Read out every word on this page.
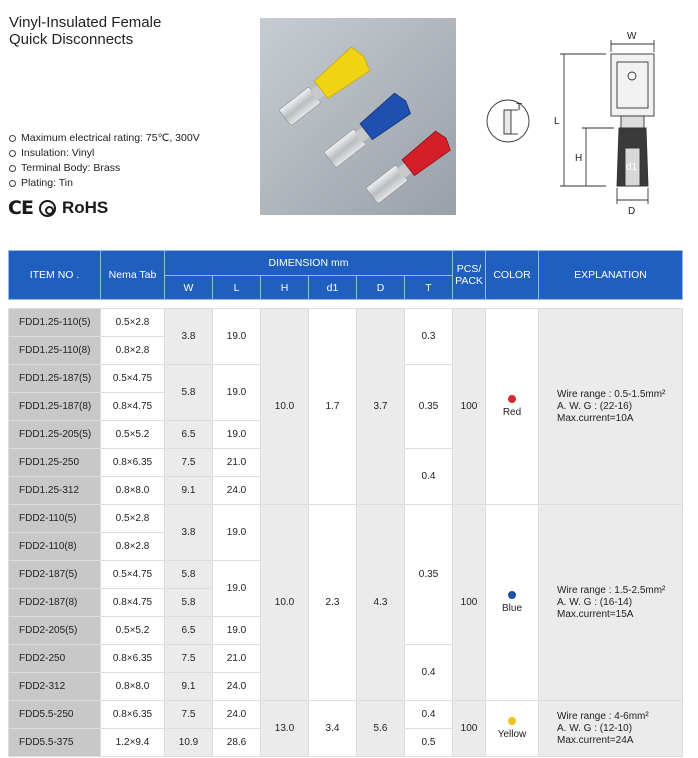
Vinyl-Insulated Female
Quick Disconnects
Maximum electrical rating: 75℃, 300V
Insulation: Vinyl
Terminal Body: Brass
Plating: Tin
CE RoHS
W
L
H
d1
D
T
ITEM NO .	Nema Tab	DIMENSION mm						PCS/ PACK	COLOR	EXPLANATION
		W	L	H	d1	D	T			

FDD1.25-110(5)	0.5×2.8	3.8	19.0	10.0	1.7	3.7	0.3	100	Red	Wire range : 0.5-1.5mm²
A. W. G : (22-16)
Max.current=10A

FDD1.25-110(8)	0.8×2.8									
FDD1.25-187(5)	0.5×4.75	5.8	19.0				0.35			
FDD1.25-187(8)	0.8×4.75									
FDD1.25-205(5)	0.5×5.2	6.5	19.0							
FDD1.25-250	0.8×6.35	7.5	21.0				0.4			
FDD1.25-312	0.8×8.0	9.1	24.0							
FDD2-110(5)	0.5×2.8	3.8	19.0	10.0	2.3	4.3	0.35	100	Blue	Wire range : 1.5-2.5mm²
A. W. G : (16-14)
Max.current=15A

FDD2-110(8)	0.8×2.8									
FDD2-187(5)	0.5×4.75	5.8	19.0							
FDD2-187(8)	0.8×4.75	5.8								
FDD2-205(5)	0.5×5.2	6.5	19.0							
FDD2-250	0.8×6.35	7.5	21.0				0.4			
FDD2-312	0.8×8.0	9.1	24.0							
FDD5.5-250	0.8×6.35	7.5	24.0	13.0	3.4	5.6	0.4	100	Yellow	Wire range : 4-6mm²
A. W. G : (12-10)
Max.current=24A

FDD5.5-375	1.2×9.4	10.9	28.6				0.5			
